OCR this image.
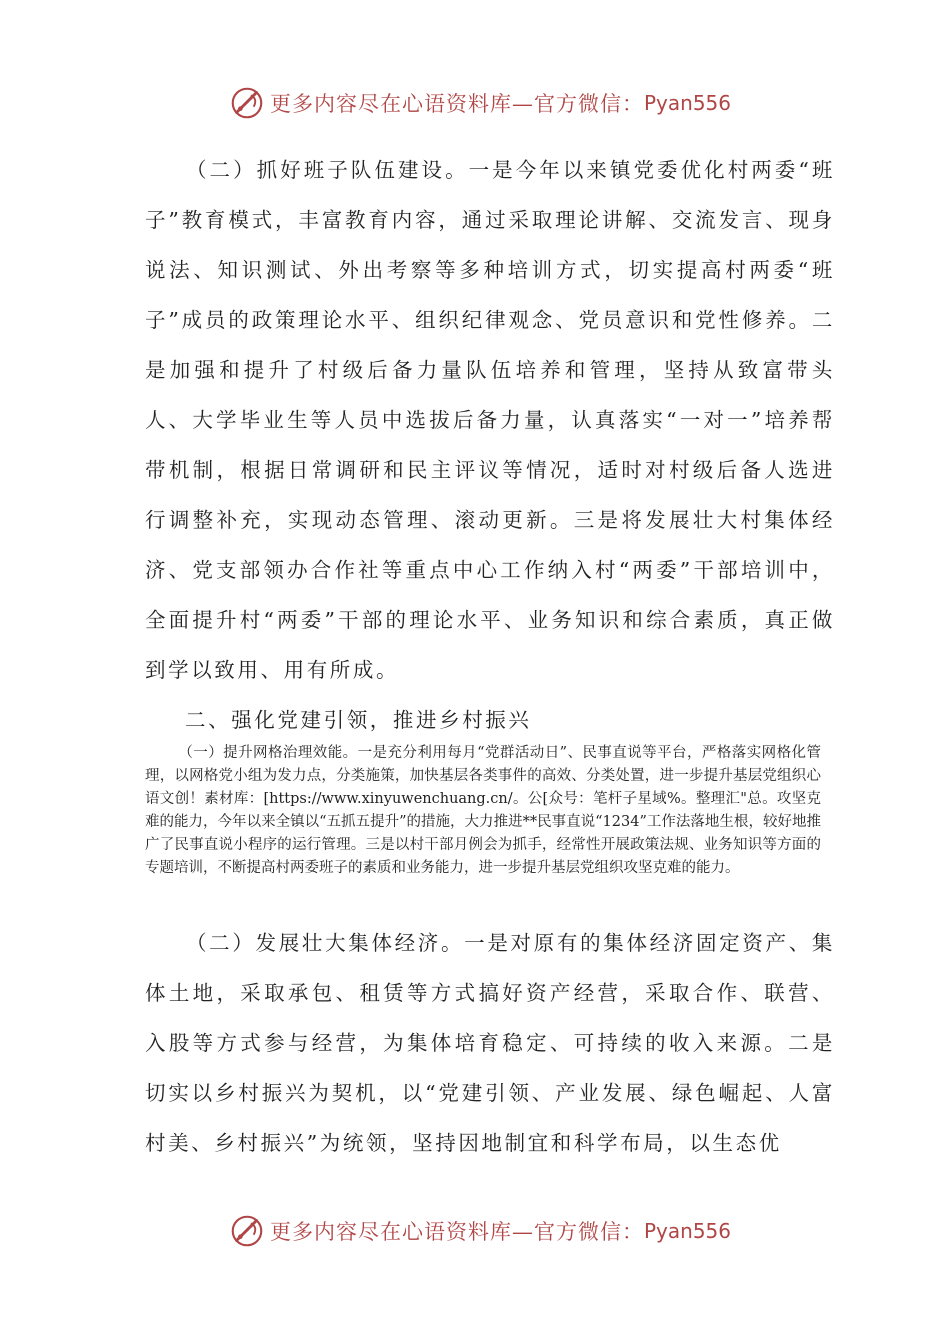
更多内容尽在心语资料库—官方微信： Pyan556

（二）抓好班子队伍建设。一是今年以来镇党委优化村两委“班子”教育模式，丰富教育内容，通过采取理论讲解、交流发言、现身说法、知识测试、外出考察等多种培训方式，切实提高村两委“班子”成员的政策理论水平、组织纪律观念、党员意识和党性修养。二是加强和提升了村级后备力量队伍培养和管理，坚持从致富带头人、大学毕业生等人员中选拔后备力量，认真落实“一对一”培养帮带机制，根据日常调研和民主评议等情况，适时对村级后备人选进行调整补充，实现动态管理、滚动更新。三是将发展壮大村集体经济、党支部领办合作社等重点中心工作纳入村“两委”干部培训中，全面提升村“两委”干部的理论水平、业务知识和综合素质，真正做到学以致用、用有所成。

二、强化党建引领，推进乡村振兴

（一）提升网格治理效能。一是充分利用每月“党群活动日”、民事直说等平台，严格落实网格化管理，以网格党小组为发力点，分类施策，加快基层各类事件的高效、分类处置，进一步提升基层党组织心语文创！素材库：[https://www.xinyuwenchuang.cn/。公[众号：笔杆子星域%。整理汇"总。攻坚克难的能力，今年以来全镇以“五抓五提升”的措施，大力推进**民事直说“1234”工作法落地生根，较好地推广了民事直说小程序的运行管理。三是以村干部月例会为抓手，经常性开展政策法规、业务知识等方面的专题培训，不断提高村两委班子的素质和业务能力，进一步提升基层党组织攻坚克难的能力。

（二）发展壮大集体经济。一是对原有的集体经济固定资产、集体土地，采取承包、租赁等方式搞好资产经营，采取合作、联营、入股等方式参与经营，为集体培育稳定、可持续的收入来源。二是切实以乡村振兴为契机，以“党建引领、产业发展、绿色崛起、人富村美、乡村振兴”为统领，坚持因地制宜和科学布局，以生态优

更多内容尽在心语资料库—官方微信： Pyan556
